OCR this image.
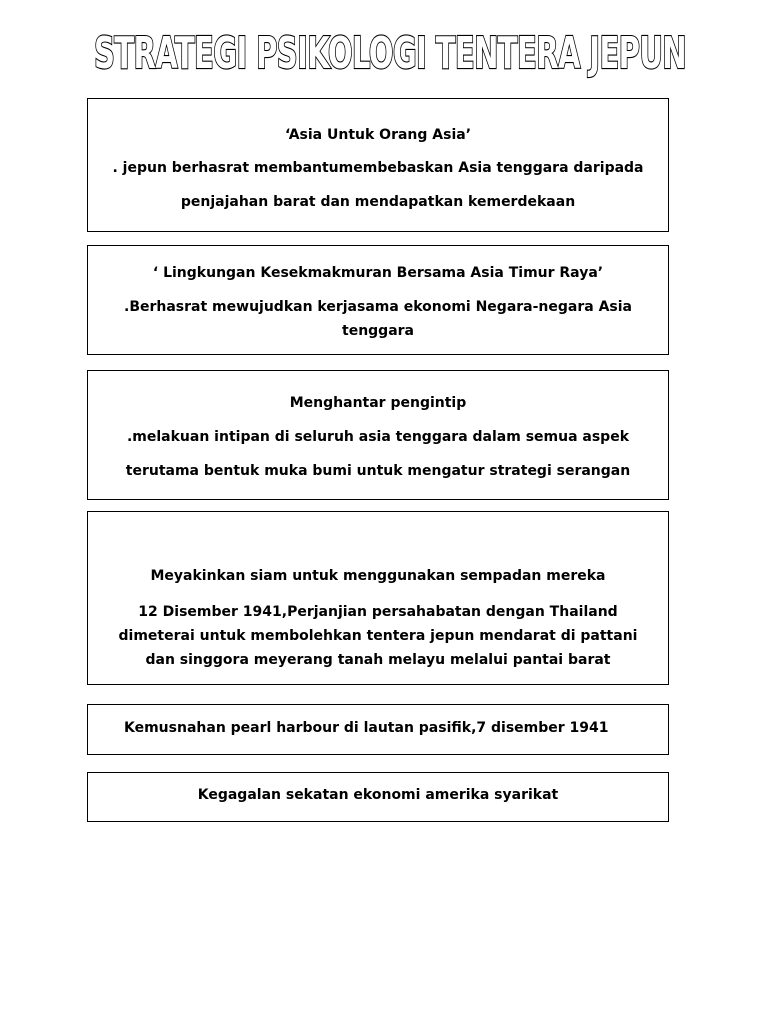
STRATEGI PSIKOLOGI TENTERA JEPUN

‘Asia Untuk Orang Asia’

. jepun berhasrat membantumembebaskan Asia tenggara daripada

penjajahan barat dan mendapatkan kemerdekaan

‘ Lingkungan Kesekmakmuran Bersama Asia Timur Raya’

.Berhasrat mewujudkan kerjasama ekonomi Negara-negara Asia tenggara

Menghantar pengintip

.melakuan intipan di seluruh asia tenggara dalam semua aspek

terutama bentuk muka bumi untuk mengatur strategi serangan

Meyakinkan siam untuk menggunakan sempadan mereka

12 Disember 1941,Perjanjian persahabatan dengan Thailand dimeterai untuk membolehkan tentera jepun mendarat di pattani dan singgora meyerang tanah melayu melalui pantai barat

Kemusnahan pearl harbour di lautan pasifik,7 disember 1941

Kegagalan sekatan ekonomi amerika syarikat
